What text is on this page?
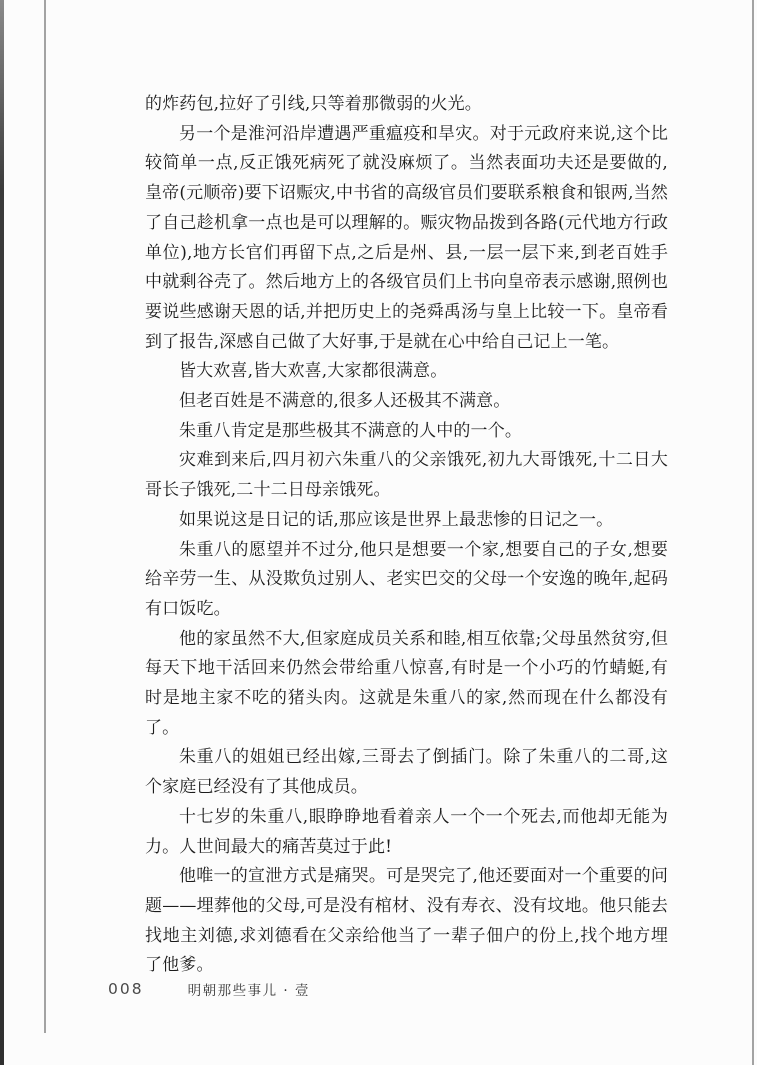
的炸药包,拉好了引线,只等着那微弱的火光。

另一个是淮河沿岸遭遇严重瘟疫和旱灾。对于元政府来说,这个比较简单一点,反正饿死病死了就没麻烦了。当然表面功夫还是要做的,皇帝(元顺帝)要下诏赈灾,中书省的高级官员们要联系粮食和银两,当然了自己趁机拿一点也是可以理解的。赈灾物品拨到各路(元代地方行政单位),地方长官们再留下点,之后是州、县,一层一层下来,到老百姓手中就剩谷壳了。然后地方上的各级官员们上书向皇帝表示感谢,照例也要说些感谢天恩的话,并把历史上的尧舜禹汤与皇上比较一下。皇帝看到了报告,深感自己做了大好事,于是就在心中给自己记上一笔。

皆大欢喜,皆大欢喜,大家都很满意。

但老百姓是不满意的,很多人还极其不满意。

朱重八肯定是那些极其不满意的人中的一个。

灾难到来后,四月初六朱重八的父亲饿死,初九大哥饿死,十二日大哥长子饿死,二十二日母亲饿死。

如果说这是日记的话,那应该是世界上最悲惨的日记之一。

朱重八的愿望并不过分,他只是想要一个家,想要自己的子女,想要给辛劳一生、从没欺负过别人、老实巴交的父母一个安逸的晚年,起码有口饭吃。

他的家虽然不大,但家庭成员关系和睦,相互依靠;父母虽然贫穷,但每天下地干活回来仍然会带给重八惊喜,有时是一个小巧的竹蜻蜓,有时是地主家不吃的猪头肉。这就是朱重八的家,然而现在什么都没有了。

朱重八的姐姐已经出嫁,三哥去了倒插门。除了朱重八的二哥,这个家庭已经没有了其他成员。

十七岁的朱重八,眼睁睁地看着亲人一个一个死去,而他却无能为力。人世间最大的痛苦莫过于此!

他唯一的宣泄方式是痛哭。可是哭完了,他还要面对一个重要的问题——埋葬他的父母,可是没有棺材、没有寿衣、没有坟地。他只能去找地主刘德,求刘德看在父亲给他当了一辈子佃户的份上,找个地方埋了他爹。

008	明朝那些事儿 · 壹
